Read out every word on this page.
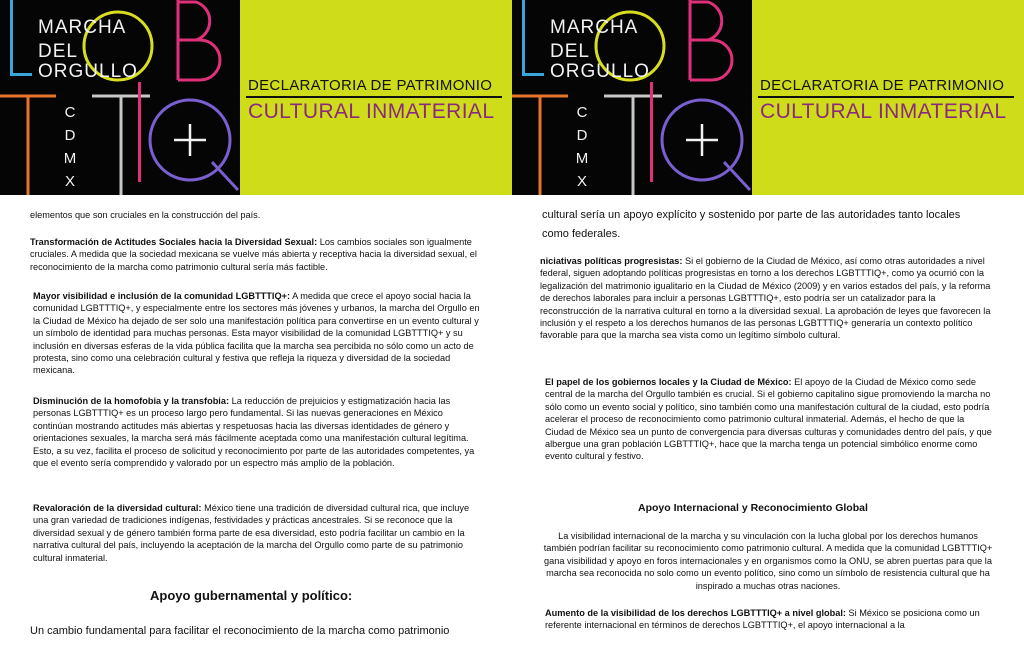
MARCHA
DEL
ORGULLO
C
D
M
X
DECLARATORIA DE PATRIMONIO
CULTURAL INMATERIAL
elementos que son cruciales en la construcción del país.
Transformación de Actitudes Sociales hacia la Diversidad Sexual: Los cambios sociales son igualmente cruciales. A medida que la sociedad mexicana se vuelve más abierta y receptiva hacia la diversidad sexual, el reconocimiento de la marcha como patrimonio cultural sería más factible.
Mayor visibilidad e inclusión de la comunidad LGBTTTIQ+: A medida que crece el apoyo social hacia la comunidad LGBTTTIQ+, y especialmente entre los sectores más jóvenes y urbanos, la marcha del Orgullo en la Ciudad de México ha dejado de ser solo una manifestación política para convertirse en un evento cultural y un símbolo de identidad para muchas personas. Esta mayor visibilidad de la comunidad LGBTTTIQ+ y su inclusión en diversas esferas de la vida pública facilita que la marcha sea percibida no sólo como un acto de protesta, sino como una celebración cultural y festiva que refleja la riqueza y diversidad de la sociedad mexicana.
Disminución de la homofobia y la transfobia: La reducción de prejuicios y estigmatización hacia las personas LGBTTTIQ+ es un proceso largo pero fundamental. Si las nuevas generaciones en México continúan mostrando actitudes más abiertas y respetuosas hacia las diversas identidades de género y orientaciones sexuales, la marcha será más fácilmente aceptada como una manifestación cultural legítima. Esto, a su vez, facilita el proceso de solicitud y reconocimiento por parte de las autoridades competentes, ya que el evento sería comprendido y valorado por un espectro más amplio de la población.
Revaloración de la diversidad cultural: México tiene una tradición de diversidad cultural rica, que incluye una gran variedad de tradiciones indígenas, festividades y prácticas ancestrales. Si se reconoce que la diversidad sexual y de género también forma parte de esa diversidad, esto podría facilitar un cambio en la narrativa cultural del país, incluyendo la aceptación de la marcha del Orgullo como parte de su patrimonio cultural inmaterial.
Apoyo gubernamental y político:
Un cambio fundamental para facilitar el reconocimiento de la marcha como patrimonio
MARCHA
DEL
ORGULLO
C
D
M
X
DECLARATORIA DE PATRIMONIO
CULTURAL INMATERIAL
cultural sería un apoyo explícito y sostenido por parte de las autoridades tanto locales como federales.
niciativas políticas progresistas: Si el gobierno de la Ciudad de México, así como otras autoridades a nivel federal, siguen adoptando políticas progresistas en torno a los derechos LGBTTTIQ+, como ya ocurrió con la legalización del matrimonio igualitario en la Ciudad de México (2009) y en varios estados del país, y la reforma de derechos laborales para incluir a personas LGBTTTIQ+, esto podría ser un catalizador para la reconstrucción de la narrativa cultural en torno a la diversidad sexual. La aprobación de leyes que favorecen la inclusión y el respeto a los derechos humanos de las personas LGBTTTIQ+ generaría un contexto político favorable para que la marcha sea vista como un legítimo símbolo cultural.
El papel de los gobiernos locales y la Ciudad de México: El apoyo de la Ciudad de México como sede central de la marcha del Orgullo también es crucial. Si el gobierno capitalino sigue promoviendo la marcha no sólo como un evento social y político, sino también como una manifestación cultural de la ciudad, esto podría acelerar el proceso de reconocimiento como patrimonio cultural inmaterial. Además, el hecho de que la Ciudad de México sea un punto de convergencia para diversas culturas y comunidades dentro del país, y que albergue una gran población LGBTTTIQ+, hace que la marcha tenga un potencial simbólico enorme como evento cultural y festivo.
Apoyo Internacional y Reconocimiento Global
La visibilidad internacional de la marcha y su vinculación con la lucha global por los derechos humanos también podrían facilitar su reconocimiento como patrimonio cultural. A medida que la comunidad LGBTTTIQ+ gana visibilidad y apoyo en foros internacionales y en organismos como la ONU, se abren puertas para que la marcha sea reconocida no solo como un evento político, sino como un símbolo de resistencia cultural que ha inspirado a muchas otras naciones.
Aumento de la visibilidad de los derechos LGBTTTIQ+ a nivel global: Si México se posiciona como un referente internacional en términos de derechos LGBTTTIQ+, el apoyo internacional a la
